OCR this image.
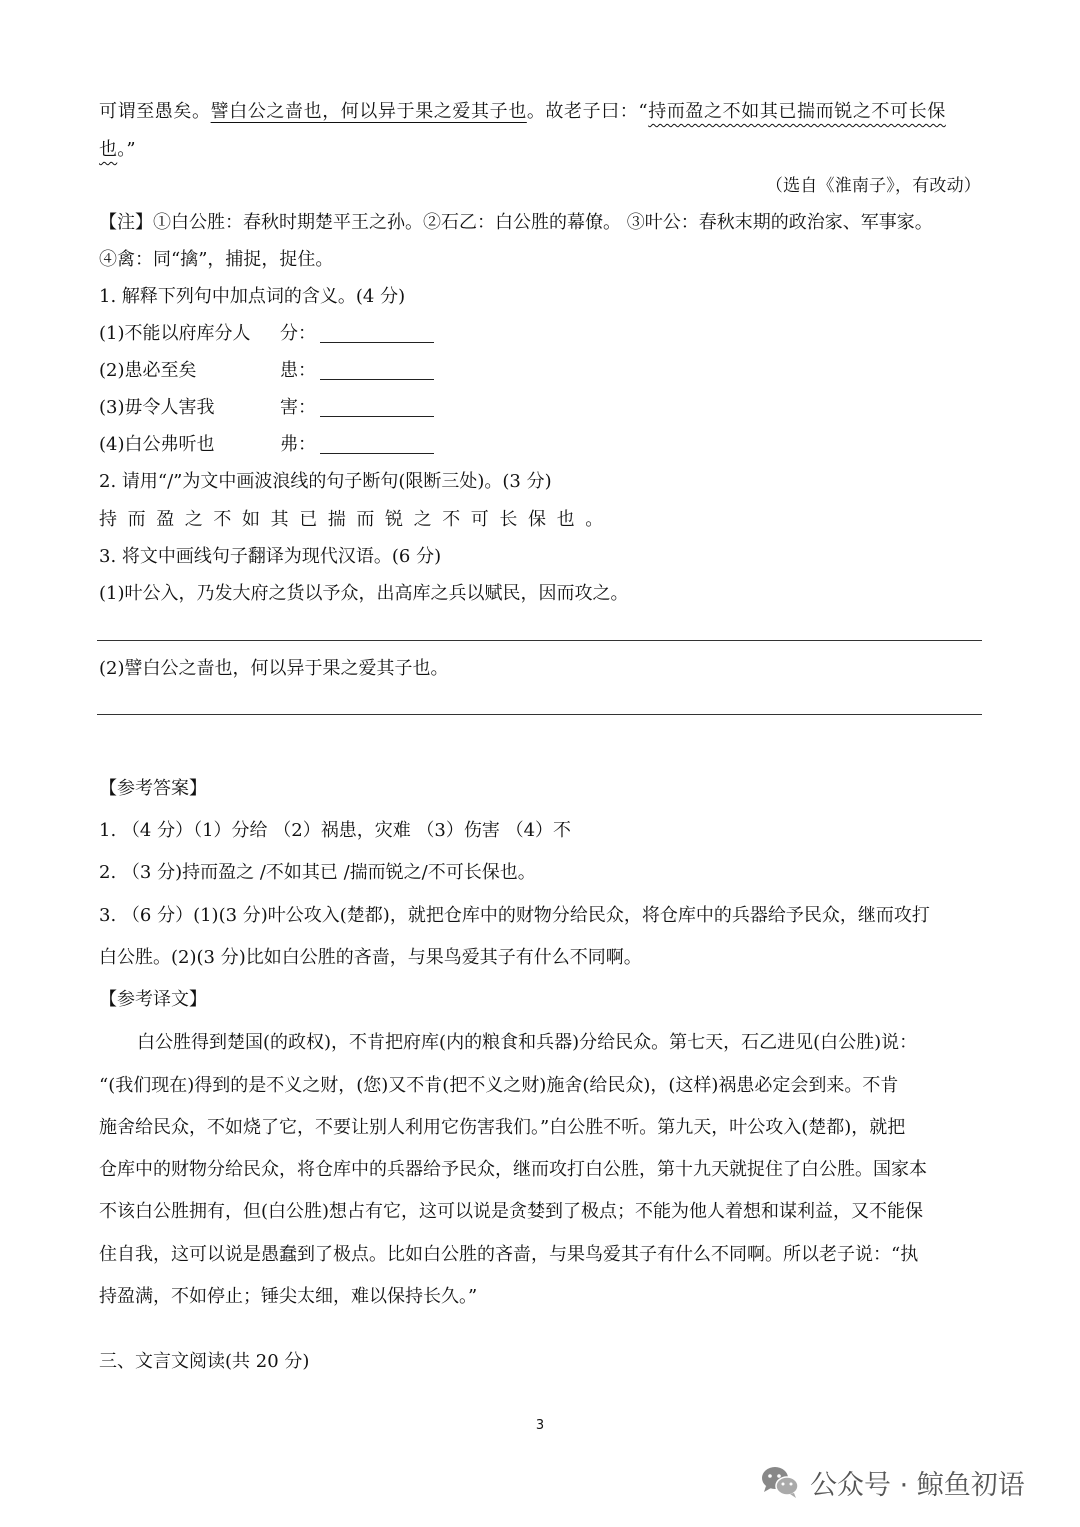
可谓至愚矣。譬白公之啬也，何以异于果之爱其子也。故老子曰：“持而盈之不如其已揣而锐之不可长保
也。”
（选自《淮南子》，有改动）
【注】①白公胜：春秋时期楚平王之孙。②石乙：白公胜的幕僚。 ③叶公：春秋末期的政治家、军事家。
④禽：同“擒”，捕捉，捉住。
1. 解释下列句中加点词的含义。(4 分)
(1)不能以府库分人 分：
(2)患必至矣	患：
(3)毋令人害我	害：
(4)白公弗听也	弗：
2. 请用“/”为文中画波浪线的句子断句(限断三处)。(3 分)
持而盈之不如其已揣而锐之不可长保也。
3. 将文中画线句子翻译为现代汉语。(6 分)
(1)叶公入，乃发大府之货以予众，出高库之兵以赋民，因而攻之。
(2)譬白公之啬也，何以异于果之爱其子也。
【参考答案】
1. （4 分）（1）分给 （2）祸患，灾难 （3）伤害 （4）不
2. （3 分)持而盈之 /不如其已 /揣而锐之/不可长保也。
3. （6 分）(1)(3 分)叶公攻入(楚都)，就把仓库中的财物分给民众，将仓库中的兵器给予民众，继而攻打
白公胜。(2)(3 分)比如白公胜的吝啬，与果鸟爱其子有什么不同啊。
【参考译文】
白公胜得到楚国(的政权)，不肯把府库(内的粮食和兵器)分给民众。第七天，石乙进见(白公胜)说：
“(我们现在)得到的是不义之财，(您)又不肯(把不义之财)施舍(给民众)，(这样)祸患必定会到来。不肯
施舍给民众，不如烧了它，不要让别人利用它伤害我们。”白公胜不听。第九天，叶公攻入(楚都)，就把
仓库中的财物分给民众，将仓库中的兵器给予民众，继而攻打白公胜，第十九天就捉住了白公胜。国家本
不该白公胜拥有，但(白公胜)想占有它，这可以说是贪婪到了极点；不能为他人着想和谋利益，又不能保
住自我，这可以说是愚蠢到了极点。比如白公胜的吝啬，与果鸟爱其子有什么不同啊。所以老子说：“执
持盈满，不如停止；锤尖太细，难以保持长久。”
三、文言文阅读(共 20 分)
3
公众号 · 鲸鱼初语
